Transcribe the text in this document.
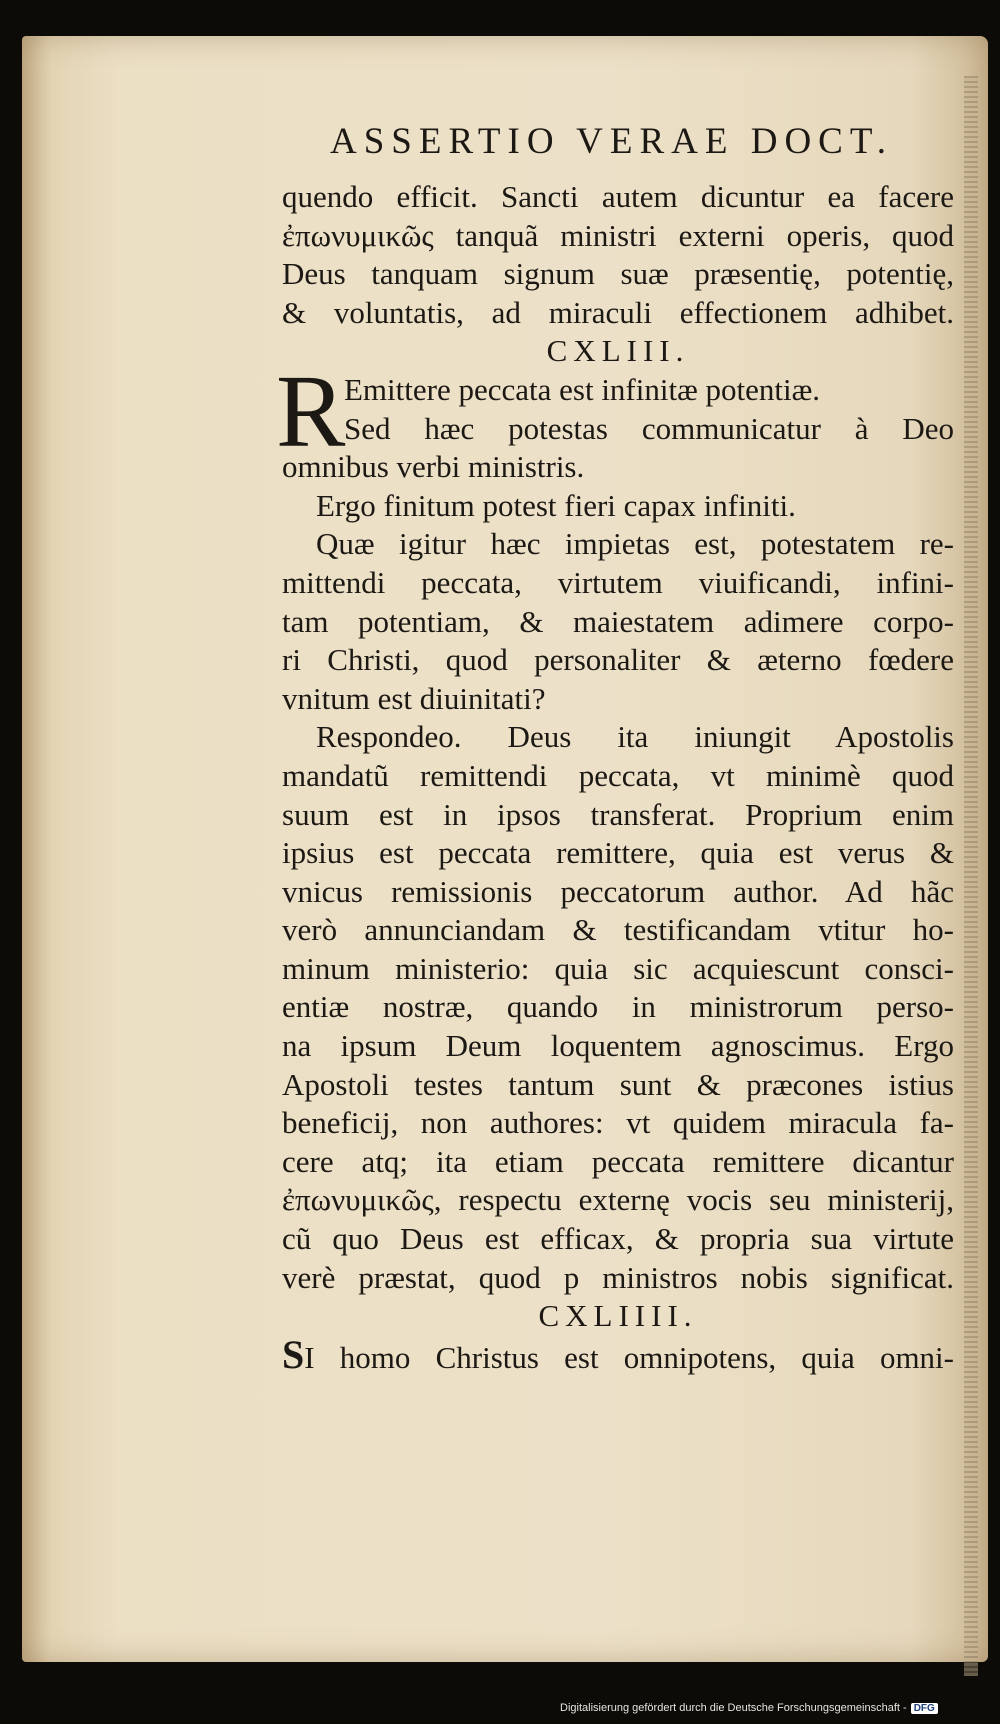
ASSERTIO VERAE DOCT.
R
quendo efficit. Sancti autem dicuntur ea facere
ἐπωνυμικῶς tanquã ministri externi operis, quod
Deus tanquam signum suæ præsentię, potentię,
& voluntatis, ad miraculi effectionem adhibet.
CXLIII.
Emittere peccata est infinitæ potentiæ.
Sed hæc potestas communicatur à Deo
omnibus verbi ministris.
Ergo finitum potest fieri capax infiniti.
Quæ igitur hæc impietas est, potestatem re-
mittendi peccata, virtutem viuificandi, infini-
tam potentiam, & maiestatem adimere corpo-
ri Christi, quod personaliter & æterno fœdere
vnitum est diuinitati?
Respondeo. Deus ita iniungit Apostolis
mandatũ remittendi peccata, vt minimè quod
suum est in ipsos transferat. Proprium enim
ipsius est peccata remittere, quia est verus &
vnicus remissionis peccatorum author. Ad hãc
verò annunciandam & testificandam vtitur ho-
minum ministerio: quia sic acquiescunt consci-
entiæ nostræ, quando in ministrorum perso-
na ipsum Deum loquentem agnoscimus. Ergo
Apostoli testes tantum sunt & præcones istius
beneficij, non authores: vt quidem miracula fa-
cere atq; ita etiam peccata remittere dicantur
ἐπωνυμικῶς, respectu externę vocis seu ministerij,
cũ quo Deus est efficax, & propria sua virtute
verè præstat, quod p ministros nobis significat.
CXLIIII.
SI homo Christus est omnipotens, quia omni-
Digitalisierung gefördert durch die Deutsche Forschungsgemeinschaft - DFG
